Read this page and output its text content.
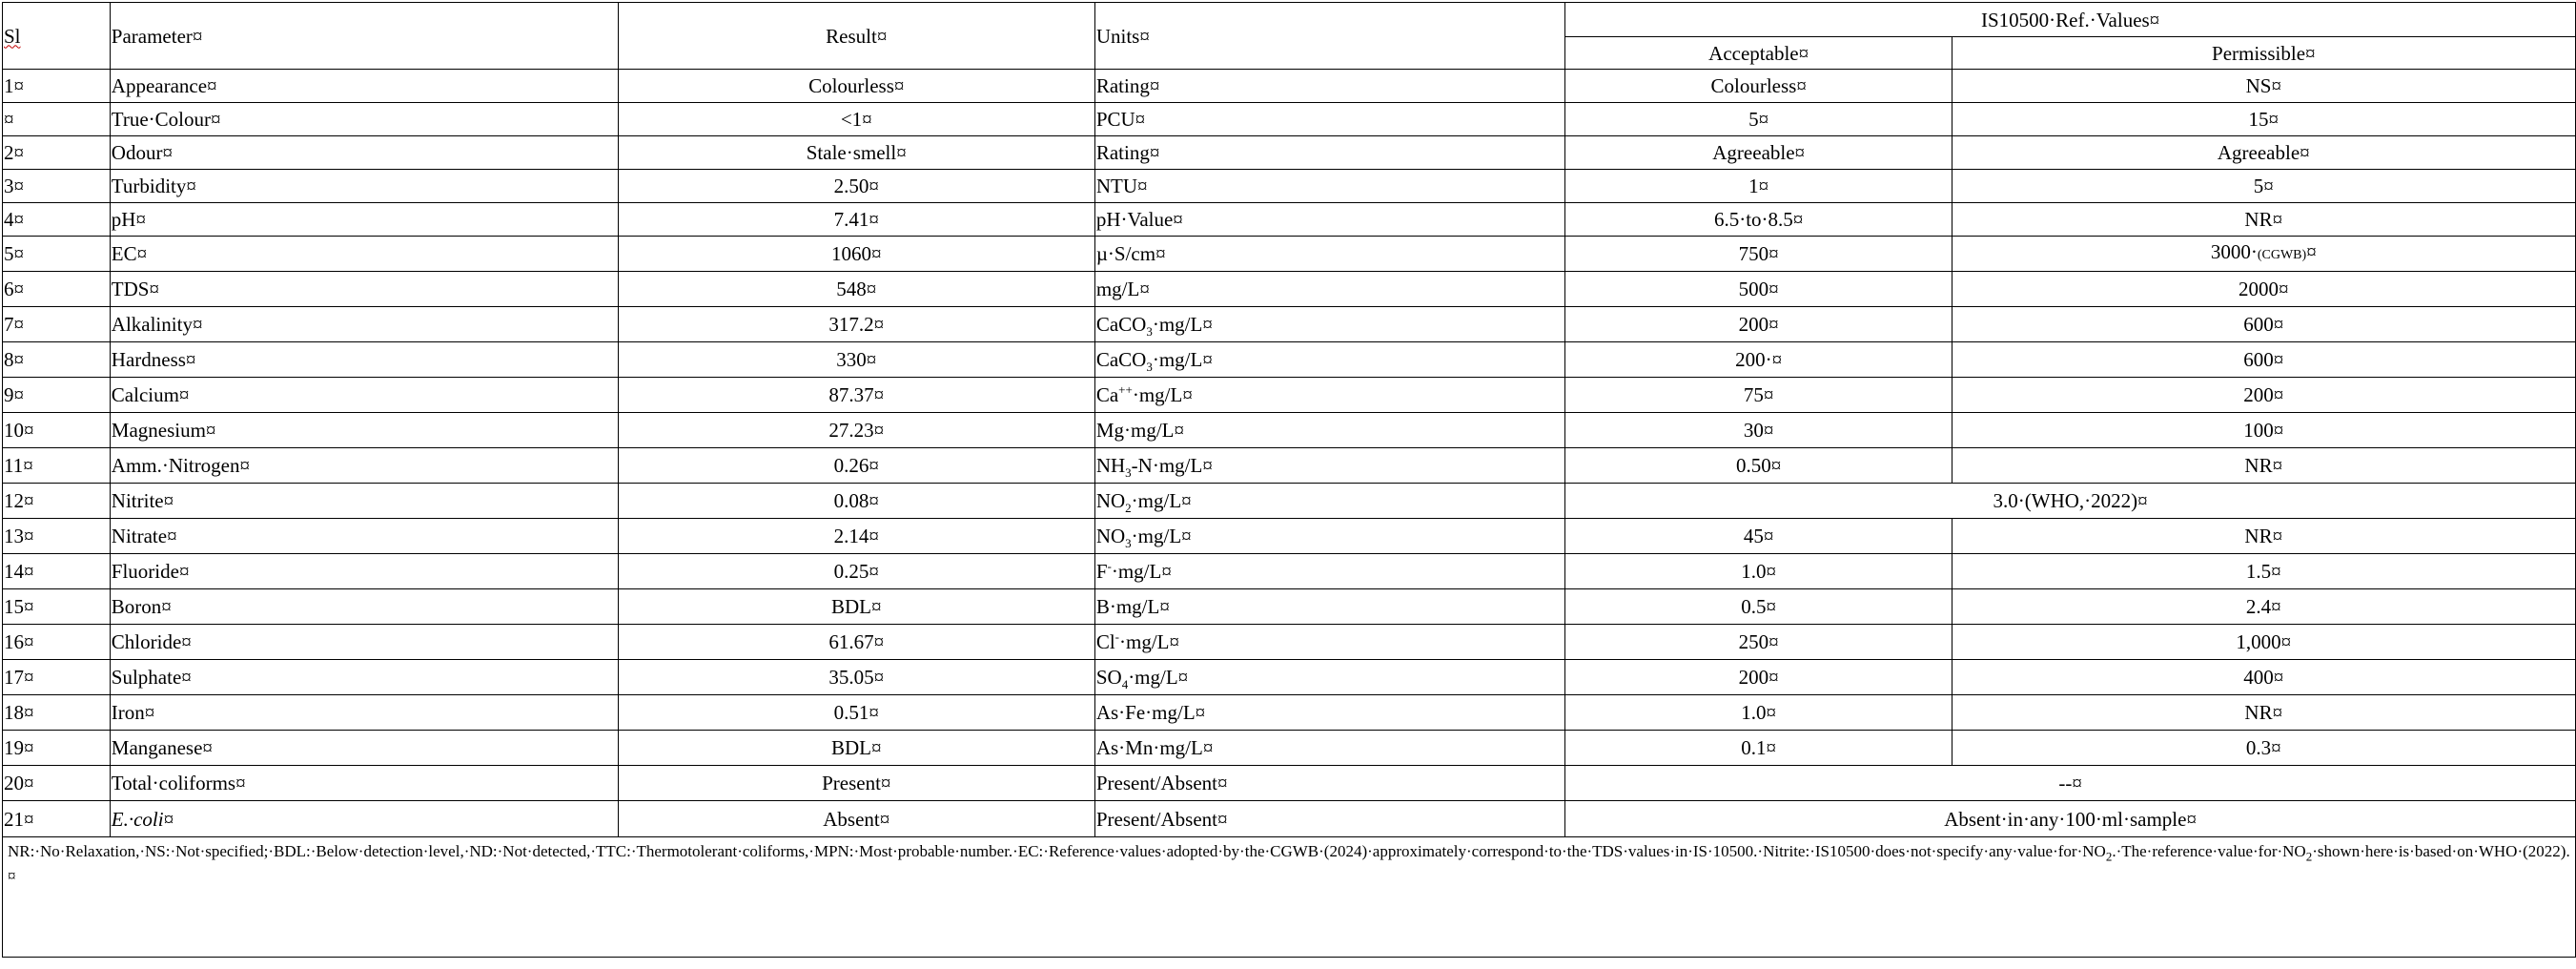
Sl	Parameter¤	Result¤	Units¤	IS10500·Ref.·Values¤	
				Acceptable¤	Permissible¤
1¤	Appearance¤	Colourless¤	Rating¤	Colourless¤	NS¤
¤	True·Colour¤	<1¤	PCU¤	5¤	15¤
2¤	Odour¤	Stale·smell¤	Rating¤	Agreeable¤	Agreeable¤
3¤	Turbidity¤	2.50¤	NTU¤	1¤	5¤
4¤	pH¤	7.41¤	pH·Value¤	6.5·to·8.5¤	NR¤
5¤	EC¤	1060¤	µ·S/cm¤	750¤	3000·(CGWB)¤
6¤	TDS¤	548¤	mg/L¤	500¤	2000¤
7¤	Alkalinity¤	317.2¤	CaCO$_3$·mg/L¤	200¤	600¤
8¤	Hardness¤	330¤	CaCO$_3$·mg/L¤	200·¤	600¤
9¤	Calcium¤	87.37¤	Ca++·mg/L¤	75¤	200¤
10¤	Magnesium¤	27.23¤	Mg·mg/L¤	30¤	100¤
11¤	Amm.·Nitrogen¤	0.26¤	$NH_3-N\cdot mg/L¤$	0.50¤	NR¤
12¤	Nitrite¤	0.08¤	$NO_2\cdot mg/L¤$	3.0·(WHO,·2022)¤	
13¤	Nitrate¤	2.14¤	$NO_3\cdot mg/L¤$	45¤	NR¤
14¤	Fluoride¤	0.25¤	F-·mg/L¤	1.0¤	1.5¤
15¤	Boron¤	BDL¤	B·mg/L¤	0.5¤	2.4¤
16¤	Chloride¤	61.67¤	Cl-·mg/L¤	250¤	1,000¤
17¤	Sulphate¤	35.05¤	$SO_4\cdot mg/L¤$	200¤	400¤
18¤	Iron¤	0.51¤	As·Fe·mg/L¤	1.0¤	NR¤
19¤	Manganese¤	BDL¤	As·Mn·mg/L¤	0.1¤	0.3¤
20¤	Total·coliforms¤	Present¤	Present/Absent¤	--¤	
21¤	E.·coli¤	Absent¤	Present/Absent¤	Absent·in·any·100·ml·sample¤	
NR:·No·Relaxation,·NS:·Not·specified;·BDL:·Below·detection·level,·ND:·Not·detected,·TTC:·Thermotolerant·coliforms,·MPN:·Most·probable·number.·EC:·Reference·values·adopted·by·the·CGWB·(2024)·approximately·correspond·to·the·TDS·values·in·IS·1$0500.\cdot Nitrite:\cdot IS10500\cdot does\cdot not\cdot specify\cdot any\cdot value\cdot for\cdot NO_2.\cdot The\cdot reference\cdot value\cdot for\cdot NO_2\cdot shown\cdot here\cdot is\cdot based\cdot on\cdot WHO\cdot(2022)$.¤					
